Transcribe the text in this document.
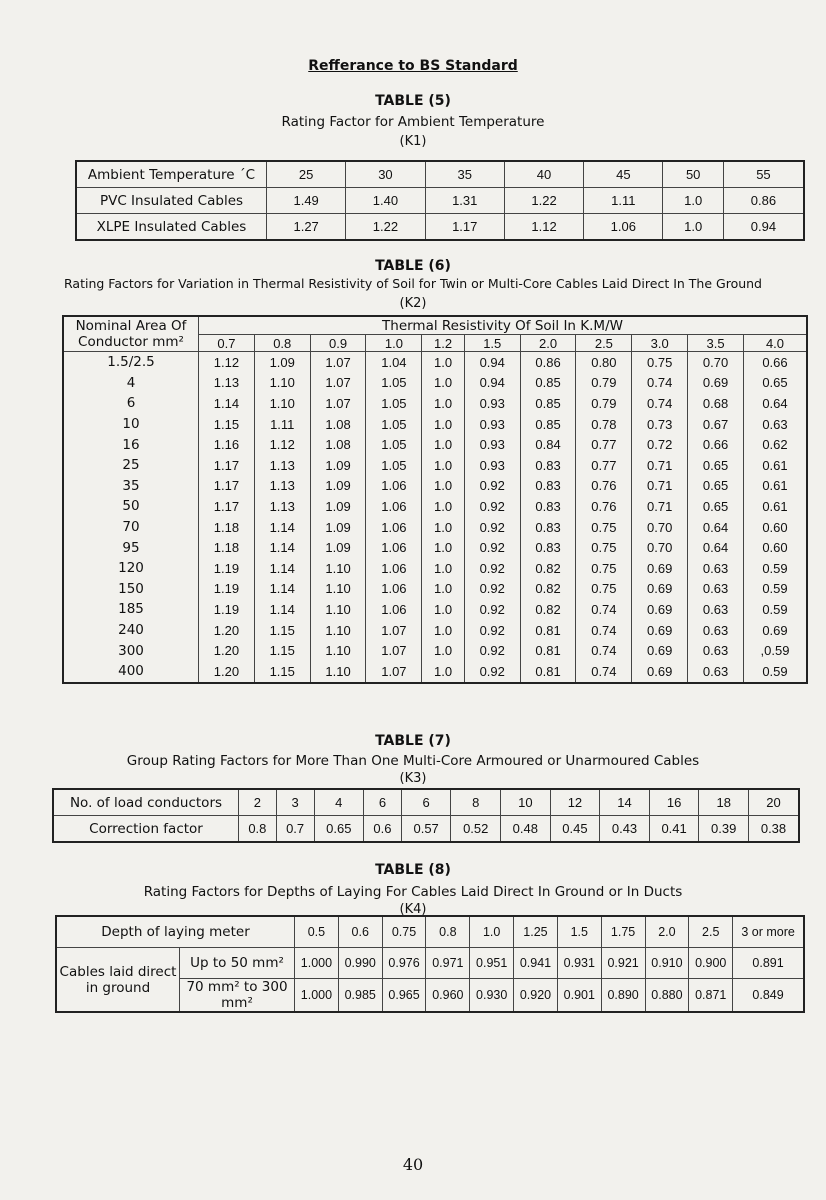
Refferance to BS Standard
TABLE (5)
Rating Factor for Ambient Temperature
(K1)
Ambient Temperature ˊC	25	30	35	40	45	50	55
PVC Insulated Cables	1.49	1.40	1.31	1.22	1.11	1.0	0.86
XLPE Insulated Cables	1.27	1.22	1.17	1.12	1.06	1.0	0.94
TABLE (6)
Rating Factors for Variation in Thermal Resistivity of Soil for Twin or Multi-Core Cables Laid Direct In The Ground
(K2)
Nominal Area Of Conductor mm²	Thermal Resistivity Of Soil In K.M/W										
	0.7	0.8	0.9	1.0	1.2	1.5	2.0	2.5	3.0	3.5	4.0
1.5/2.5	1.12	1.09	1.07	1.04	1.0	0.94	0.86	0.80	0.75	0.70	0.66
4	1.13	1.10	1.07	1.05	1.0	0.94	0.85	0.79	0.74	0.69	0.65
6	1.14	1.10	1.07	1.05	1.0	0.93	0.85	0.79	0.74	0.68	0.64
10	1.15	1.11	1.08	1.05	1.0	0.93	0.85	0.78	0.73	0.67	0.63
16	1.16	1.12	1.08	1.05	1.0	0.93	0.84	0.77	0.72	0.66	0.62
25	1.17	1.13	1.09	1.05	1.0	0.93	0.83	0.77	0.71	0.65	0.61
35	1.17	1.13	1.09	1.06	1.0	0.92	0.83	0.76	0.71	0.65	0.61
50	1.17	1.13	1.09	1.06	1.0	0.92	0.83	0.76	0.71	0.65	0.61
70	1.18	1.14	1.09	1.06	1.0	0.92	0.83	0.75	0.70	0.64	0.60
95	1.18	1.14	1.09	1.06	1.0	0.92	0.83	0.75	0.70	0.64	0.60
120	1.19	1.14	1.10	1.06	1.0	0.92	0.82	0.75	0.69	0.63	0.59
150	1.19	1.14	1.10	1.06	1.0	0.92	0.82	0.75	0.69	0.63	0.59
185	1.19	1.14	1.10	1.06	1.0	0.92	0.82	0.74	0.69	0.63	0.59
240	1.20	1.15	1.10	1.07	1.0	0.92	0.81	0.74	0.69	0.63	0.69
300	1.20	1.15	1.10	1.07	1.0	0.92	0.81	0.74	0.69	0.63	,0.59
400	1.20	1.15	1.10	1.07	1.0	0.92	0.81	0.74	0.69	0.63	0.59
TABLE (7)
Group Rating Factors for More Than One Multi-Core Armoured or Unarmoured Cables
(K3)
No. of load conductors	2	3	4	6	6	8	10	12	14	16	18	20
Correction factor	0.8	0.7	0.65	0.6	0.57	0.52	0.48	0.45	0.43	0.41	0.39	0.38
TABLE (8)
Rating Factors for Depths of Laying For Cables Laid Direct In Ground or In Ducts
(K4)
Depth of laying meter		0.5	0.6	0.75	0.8	1.0	1.25	1.5	1.75	2.0	2.5	3 or more
Cables laid direct in ground	Up to 50 mm²	1.000	0.990	0.976	0.971	0.951	0.941	0.931	0.921	0.910	0.900	0.891
	70 mm² to 300 mm²	1.000	0.985	0.965	0.960	0.930	0.920	0.901	0.890	0.880	0.871	0.849
40
